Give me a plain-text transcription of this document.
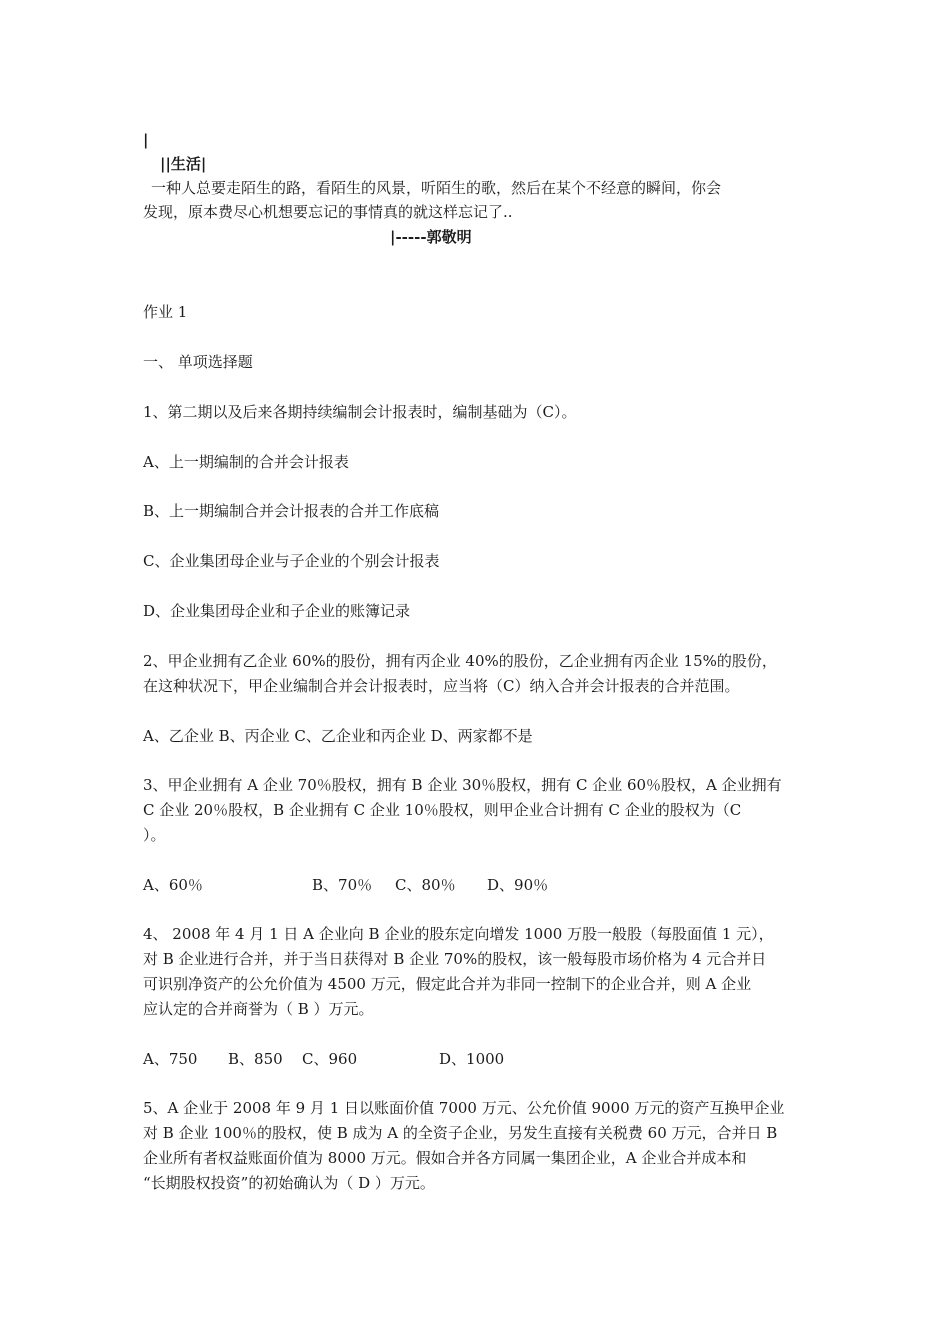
|
||生活|
一种人总要走陌生的路，看陌生的风景，听陌生的歌，然后在某个不经意的瞬间，你会
发现，原本费尽心机想要忘记的事情真的就这样忘记了..
|-----郭敬明
作业 1
一、 单项选择题
1、第二期以及后来各期持续编制会计报表时，编制基础为（C）。
A、上一期编制的合并会计报表
B、上一期编制合并会计报表的合并工作底稿
C、企业集团母企业与子企业的个别会计报表
D、企业集团母企业和子企业的账簿记录
2、甲企业拥有乙企业 60%的股份，拥有丙企业 40%的股份，乙企业拥有丙企业 15%的股份，
在这种状况下，甲企业编制合并会计报表时，应当将（C）纳入合并会计报表的合并范围。
A、乙企业 B、丙企业 C、乙企业和丙企业 D、两家都不是
3、甲企业拥有 A 企业 70％股权，拥有 B 企业 30％股权，拥有 C 企业 60％股权，A 企业拥有
C 企业 20％股权，B 企业拥有 C 企业 10％股权，则甲企业合计拥有 C 企业的股权为（C
）。
A、60％	B、70％ C、80％ D、90％
4、 2008 年 4 月 1 日 A 企业向 B 企业的股东定向增发 1000 万股一般股（每股面值 1 元），
对 B 企业进行合并，并于当日获得对 B 企业 70%的股权，该一般每股市场价格为 4 元合并日
可识别净资产的公允价值为 4500 万元，假定此合并为非同一控制下的企业合并，则 A 企业
应认定的合并商誉为（ B ）万元。
A、750 B、850 C、960	D、1000
5、A 企业于 2008 年 9 月 1 日以账面价值 7000 万元、公允价值 9000 万元的资产互换甲企业
对 B 企业 100％的股权，使 B 成为 A 的全资子企业，另发生直接有关税费 60 万元，合并日 B
企业所有者权益账面价值为 8000 万元。假如合并各方同属一集团企业，A 企业合并成本和
“长期股权投资”的初始确认为（ D ）万元。
